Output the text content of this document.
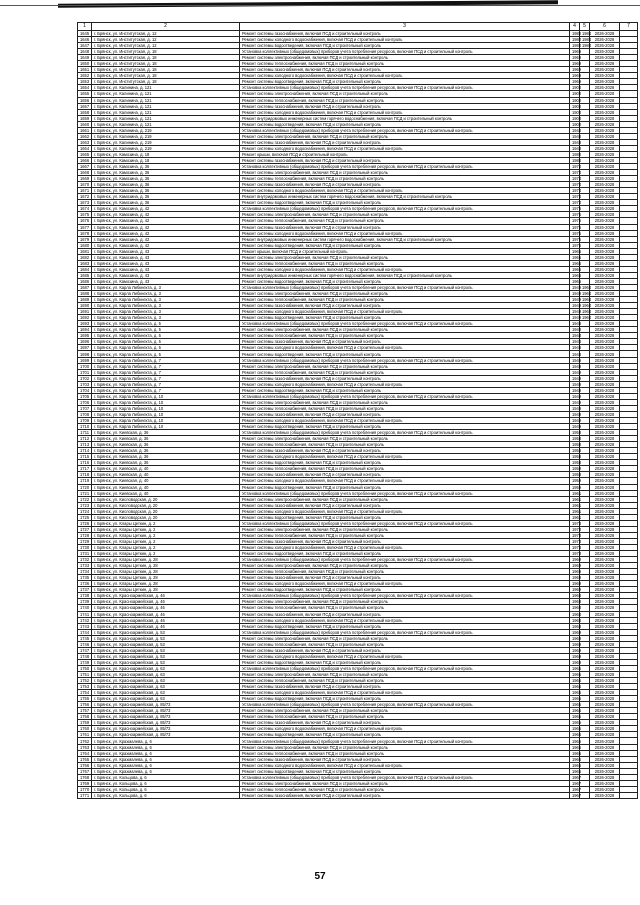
1	2	3	4	5	6	7
1645	г. Брянск, ул. Институтская, д. 12	Ремонт системы газоснабжения, включая ПСД и строительный контроль	1980	1984	2026-2028	
1646	г. Брянск, ул. Институтская, д. 12	Ремонт системы холодного водоснабжения, включая ПСД и строительный контроль	1980	1984	2026-2028	
1647	г. Брянск, ул. Институтская, д. 12	Ремонт системы водоотведения, включая ПСД и строительный контроль	1980	1984	2026-2028	
1648	г. Брянск, ул. Институтская, д. 18	Установка коллективных (общедомовых) приборов учета потребления ресурсов, включая ПСД и строительный контроль	1969		2026-2028	
1649	г. Брянск, ул. Институтская, д. 18	Ремонт системы электроснабжения, включая ПСД и строительный контроль	1969		2026-2028	
1650	г. Брянск, ул. Институтская, д. 18	Ремонт системы теплоснабжения, включая ПСД и строительный контроль	1969		2026-2028	
1651	г. Брянск, ул. Институтская, д. 18	Ремонт системы газоснабжения, включая ПСД и строительный контроль	1969		2026-2028	
1652	г. Брянск, ул. Институтская, д. 18	Ремонт системы холодного водоснабжения, включая ПСД и строительный контроль	1969		2026-2028	
1653	г. Брянск, ул. Институтская, д. 18	Ремонт системы водоотведения, включая ПСД и строительный контроль	1969		2026-2028	
1654	г. Брянск, ул. Калинина, д. 121	Установка коллективных (общедомовых) приборов учета потребления ресурсов, включая ПСД и строительный контроль	1900		2026-2028	
1655	г. Брянск, ул. Калинина, д. 121	Ремонт системы электроснабжения, включая ПСД и строительный контроль	1900		2026-2028	
1656	г. Брянск, ул. Калинина, д. 121	Ремонт системы теплоснабжения, включая ПСД и строительный контроль	1900		2026-2028	
1657	г. Брянск, ул. Калинина, д. 121	Ремонт системы газоснабжения, включая ПСД и строительный контроль	1900		2026-2028	
1658	г. Брянск, ул. Калинина, д. 121	Ремонт системы холодного водоснабжения, включая ПСД и строительный контроль	1900		2026-2028	
1659	г. Брянск, ул. Калинина, д. 121	Ремонт внутридомовых инженерных систем горячего водоснабжения, включая ПСД и строительный контроль	1900		2026-2028	
1660	г. Брянск, ул. Калинина, д. 121	Ремонт системы водоотведения, включая ПСД и строительный контроль	1900		2026-2028	
1661	г. Брянск, ул. Калинина, д. 219	Установка коллективных (общедомовых) приборов учета потребления ресурсов, включая ПСД и строительный контроль	1948		2026-2028	
1662	г. Брянск, ул. Калинина, д. 219	Ремонт системы электроснабжения, включая ПСД и строительный контроль	1948		2026-2028	
1663	г. Брянск, ул. Калинина, д. 219	Ремонт системы газоснабжения, включая ПСД и строительный контроль	1948		2026-2028	
1664	г. Брянск, ул. Калинина, д. 219	Ремонт системы холодного водоснабжения, включая ПСД и строительный контроль	1948		2026-2028	
1665	г. Брянск, ул. Камозина, д. 18	Ремонт крыши, включая ПСД и строительный контроль	1980		2026-2028	
1666	г. Брянск, ул. Камозина, д. 18	Ремонт системы газоснабжения, включая ПСД и строительный контроль	1980		2026-2028	
1667	г. Брянск, ул. Камозина, д. 36	Установка коллективных (общедомовых) приборов учета потребления ресурсов, включая ПСД и строительный контроль	1974		2026-2028	
1668	г. Брянск, ул. Камозина, д. 36	Ремонт системы электроснабжения, включая ПСД и строительный контроль	1974		2026-2028	
1669	г. Брянск, ул. Камозина, д. 36	Ремонт системы теплоснабжения, включая ПСД и строительный контроль	1974		2026-2028	
1670	г. Брянск, ул. Камозина, д. 36	Ремонт системы газоснабжения, включая ПСД и строительный контроль	1974		2026-2028	
1671	г. Брянск, ул. Камозина, д. 36	Ремонт системы холодного водоснабжения, включая ПСД и строительный контроль	1974		2026-2028	
1672	г. Брянск, ул. Камозина, д. 36	Ремонт внутридомовых инженерных систем горячего водоснабжения, включая ПСД и строительный контроль	1974		2026-2028	
1673	г. Брянск, ул. Камозина, д. 36	Ремонт системы водоотведения, включая ПСД и строительный контроль	1974		2026-2028	
1674	г. Брянск, ул. Камозина, д. 42	Установка коллективных (общедомовых) приборов учета потребления ресурсов, включая ПСД и строительный контроль	1975		2026-2028	
1675	г. Брянск, ул. Камозина, д. 42	Ремонт системы электроснабжения, включая ПСД и строительный контроль	1975		2026-2028	
1676	г. Брянск, ул. Камозина, д. 42	Ремонт системы теплоснабжения, включая ПСД и строительный контроль	1975		2026-2028	
1677	г. Брянск, ул. Камозина, д. 42	Ремонт системы газоснабжения, включая ПСД и строительный контроль	1975		2026-2028	
1678	г. Брянск, ул. Камозина, д. 42	Ремонт системы холодного водоснабжения, включая ПСД и строительный контроль	1975		2026-2028	
1679	г. Брянск, ул. Камозина, д. 42	Ремонт внутридомовых инженерных систем горячего водоснабжения, включая ПСД и строительный контроль	1975		2026-2028	
1680	г. Брянск, ул. Камозина, д. 42	Ремонт системы водоотведения, включая ПСД и строительный контроль	1975		2026-2028	
1681	г. Брянск, ул. Камозина, д. 43	Ремонт крыши, включая ПСД и строительный контроль	1966		2026-2028	
1682	г. Брянск, ул. Камозина, д. 43	Ремонт системы электроснабжения, включая ПСД и строительный контроль	1966		2026-2028	
1683	г. Брянск, ул. Камозина, д. 43	Ремонт системы теплоснабжения, включая ПСД и строительный контроль	1966		2026-2028	
1684	г. Брянск, ул. Камозина, д. 43	Ремонт системы холодного водоснабжения, включая ПСД и строительный контроль	1966		2026-2028	
1685	г. Брянск, ул. Камозина, д. 43	Ремонт внутридомовых инженерных систем горячего водоснабжения, включая ПСД и строительный контроль	1966		2026-2028	
1686	г. Брянск, ул. Камозина, д. 43	Ремонт системы водоотведения, включая ПСД и строительный контроль	1966		2026-2028	
1687	г. Брянск, ул. Карла Либкнехта, д. 3	Установка коллективных (общедомовых) приборов учета потребления ресурсов, включая ПСД и строительный контроль	1949	1964	2026-2028	
1688	г. Брянск, ул. Карла Либкнехта, д. 3	Ремонт системы электроснабжения, включая ПСД и строительный контроль	1949	1964	2026-2028	
1689	г. Брянск, ул. Карла Либкнехта, д. 3	Ремонт системы теплоснабжения, включая ПСД и строительный контроль	1949	1964	2026-2028	
1690	г. Брянск, ул. Карла Либкнехта, д. 3	Ремонт системы газоснабжения, включая ПСД и строительный контроль	1949	1964	2026-2028	
1691	г. Брянск, ул. Карла Либкнехта, д. 3	Ремонт системы холодного водоснабжения, включая ПСД и строительный контроль	1949	1964	2026-2028	
1692	г. Брянск, ул. Карла Либкнехта, д. 3	Ремонт системы водоотведения, включая ПСД и строительный контроль	1949	1964	2026-2028	
1693	г. Брянск, ул. Карла Либкнехта, д. 5	Установка коллективных (общедомовых) приборов учета потребления ресурсов, включая ПСД и строительный контроль	1948		2026-2028	
1694	г. Брянск, ул. Карла Либкнехта, д. 5	Ремонт системы электроснабжения, включая ПСД и строительный контроль	1948		2026-2028	
1695	г. Брянск, ул. Карла Либкнехта, д. 5	Ремонт системы теплоснабжения, включая ПСД и строительный контроль	1948		2026-2028	
1696	г. Брянск, ул. Карла Либкнехта, д. 5	Ремонт системы газоснабжения, включая ПСД и строительный контроль	1948		2026-2028	
1697	г. Брянск, ул. Карла Либкнехта, д. 5	Ремонт системы холодного водоснабжения, включая ПСД и строительный контроль	1948		2026-2028	
1698	г. Брянск, ул. Карла Либкнехта, д. 5	Ремонт системы водоотведения, включая ПСД и строительный контроль	1948		2026-2028	
1699	г. Брянск, ул. Карла Либкнехта, д. 7	Установка коллективных (общедомовых) приборов учета потребления ресурсов, включая ПСД и строительный контроль	1949		2026-2028	
1700	г. Брянск, ул. Карла Либкнехта, д. 7	Ремонт системы электроснабжения, включая ПСД и строительный контроль	1949		2026-2028	
1701	г. Брянск, ул. Карла Либкнехта, д. 7	Ремонт системы теплоснабжения, включая ПСД и строительный контроль	1949		2026-2028	
1702	г. Брянск, ул. Карла Либкнехта, д. 7	Ремонт системы газоснабжения, включая ПСД и строительный контроль	1949		2026-2028	
1703	г. Брянск, ул. Карла Либкнехта, д. 7	Ремонт системы холодного водоснабжения, включая ПСД и строительный контроль	1949		2026-2028	
1704	г. Брянск, ул. Карла Либкнехта, д. 7	Ремонт системы водоотведения, включая ПСД и строительный контроль	1949		2026-2028	
1705	г. Брянск, ул. Карла Либкнехта, д. 10	Установка коллективных (общедомовых) приборов учета потребления ресурсов, включая ПСД и строительный контроль	1949		2026-2028	
1706	г. Брянск, ул. Карла Либкнехта, д. 10	Ремонт системы электроснабжения, включая ПСД и строительный контроль	1949		2026-2028	
1707	г. Брянск, ул. Карла Либкнехта, д. 10	Ремонт системы теплоснабжения, включая ПСД и строительный контроль	1949		2026-2028	
1708	г. Брянск, ул. Карла Либкнехта, д. 10	Ремонт системы газоснабжения, включая ПСД и строительный контроль	1949		2026-2028	
1709	г. Брянск, ул. Карла Либкнехта, д. 10	Ремонт системы холодного водоснабжения, включая ПСД и строительный контроль	1949		2026-2028	
1710	г. Брянск, ул. Карла Либкнехта, д. 10	Ремонт системы водоотведения, включая ПСД и строительный контроль	1949		2026-2028	
1711	г. Брянск, ул. Киевская, д. 36	Установка коллективных (общедомовых) приборов учета потребления ресурсов, включая ПСД и строительный контроль	1958		2026-2028	
1712	г. Брянск, ул. Киевская, д. 36	Ремонт системы электроснабжения, включая ПСД и строительный контроль	1958		2026-2028	
1713	г. Брянск, ул. Киевская, д. 36	Ремонт системы теплоснабжения, включая ПСД и строительный контроль	1958		2026-2028	
1714	г. Брянск, ул. Киевская, д. 36	Ремонт системы газоснабжения, включая ПСД и строительный контроль	1958		2026-2028	
1715	г. Брянск, ул. Киевская, д. 36	Ремонт системы холодного водоснабжения, включая ПСД и строительный контроль	1958		2026-2028	
1716	г. Брянск, ул. Киевская, д. 36	Ремонт системы водоотведения, включая ПСД и строительный контроль	1958		2026-2028	
1717	г. Брянск, ул. Киевская, д. 40	Ремонт системы теплоснабжения, включая ПСД и строительный контроль	1959		2026-2028	
1718	г. Брянск, ул. Киевская, д. 40	Ремонт системы газоснабжения, включая ПСД и строительный контроль	1959		2026-2028	
1719	г. Брянск, ул. Киевская, д. 40	Ремонт системы холодного водоснабжения, включая ПСД и строительный контроль	1959		2026-2028	
1720	г. Брянск, ул. Киевская, д. 40	Ремонт системы водоотведения, включая ПСД и строительный контроль	1959		2026-2028	
1721	г. Брянск, ул. Киевская, д. 40	Установка коллективных (общедомовых) приборов учета потребления ресурсов, включая ПСД и строительный контроль	1961		2026-2028	
1722	г. Брянск, ул. Кисловодская, д. 20	Ремонт системы электроснабжения, включая ПСД и строительный контроль	1961		2026-2028	
1723	г. Брянск, ул. Кисловодская, д. 20	Ремонт системы газоснабжения, включая ПСД и строительный контроль	1961		2026-2028	
1724	г. Брянск, ул. Кисловодская, д. 20	Ремонт системы холодного водоснабжения, включая ПСД и строительный контроль	1961		2026-2028	
1725	г. Брянск, ул. Кисловодская, д. 20	Ремонт системы водоотведения, включая ПСД и строительный контроль	1961		2026-2028	
1726	г. Брянск, ул. Клары Цеткин, д. 2	Установка коллективных (общедомовых) приборов учета потребления ресурсов, включая ПСД и строительный контроль	1973		2026-2028	
1727	г. Брянск, ул. Клары Цеткин, д. 2	Ремонт системы электроснабжения, включая ПСД и строительный контроль	1973		2026-2028	
1728	г. Брянск, ул. Клары Цеткин, д. 2	Ремонт системы теплоснабжения, включая ПСД и строительный контроль	1973		2026-2028	
1729	г. Брянск, ул. Клары Цеткин, д. 2	Ремонт системы газоснабжения, включая ПСД и строительный контроль	1973		2026-2028	
1730	г. Брянск, ул. Клары Цеткин, д. 2	Ремонт системы холодного водоснабжения, включая ПСД и строительный контроль	1973		2026-2028	
1731	г. Брянск, ул. Клары Цеткин, д. 2	Ремонт системы водоотведения, включая ПСД и строительный контроль	1973		2026-2028	
1732	г. Брянск, ул. Клары Цеткин, д. 28	Установка коллективных (общедомовых) приборов учета потребления ресурсов, включая ПСД и строительный контроль	1969		2026-2028	
1733	г. Брянск, ул. Клары Цеткин, д. 28	Ремонт системы электроснабжения, включая ПСД и строительный контроль	1969		2026-2028	
1734	г. Брянск, ул. Клары Цеткин, д. 28	Ремонт системы теплоснабжения, включая ПСД и строительный контроль	1969		2026-2028	
1735	г. Брянск, ул. Клары Цеткин, д. 28	Ремонт системы газоснабжения, включая ПСД и строительный контроль	1969		2026-2028	
1736	г. Брянск, ул. Клары Цеткин, д. 28	Ремонт системы холодного водоснабжения, включая ПСД и строительный контроль	1969		2026-2028	
1737	г. Брянск, ул. Клары Цеткин, д. 28	Ремонт системы водоотведения, включая ПСД и строительный контроль	1969		2026-2028	
1738	г. Брянск, ул. Красноармейская, д. 46	Установка коллективных (общедомовых) приборов учета потребления ресурсов, включая ПСД и строительный контроль	1968		2026-2028	
1739	г. Брянск, ул. Красноармейская, д. 46	Ремонт системы электроснабжения, включая ПСД и строительный контроль	1968		2026-2028	
1740	г. Брянск, ул. Красноармейская, д. 46	Ремонт системы теплоснабжения, включая ПСД и строительный контроль	1968		2026-2028	
1741	г. Брянск, ул. Красноармейская, д. 46	Ремонт системы газоснабжения, включая ПСД и строительный контроль	1968		2026-2028	
1742	г. Брянск, ул. Красноармейская, д. 46	Ремонт системы холодного водоснабжения, включая ПСД и строительный контроль	1968		2026-2028	
1743	г. Брянск, ул. Красноармейская, д. 46	Ремонт системы водоотведения, включая ПСД и строительный контроль	1968		2026-2028	
1744	г. Брянск, ул. Красноармейская, д. 53	Установка коллективных (общедомовых) приборов учета потребления ресурсов, включая ПСД и строительный контроль	1969		2026-2028	
1745	г. Брянск, ул. Красноармейская, д. 53	Ремонт системы электроснабжения, включая ПСД и строительный контроль	1969		2026-2028	
1746	г. Брянск, ул. Красноармейская, д. 53	Ремонт системы теплоснабжения, включая ПСД и строительный контроль	1969		2026-2028	
1747	г. Брянск, ул. Красноармейская, д. 53	Ремонт системы газоснабжения, включая ПСД и строительный контроль	1969		2026-2028	
1748	г. Брянск, ул. Красноармейская, д. 53	Ремонт системы холодного водоснабжения, включая ПСД и строительный контроль	1969		2026-2028	
1749	г. Брянск, ул. Красноармейская, д. 53	Ремонт системы водоотведения, включая ПСД и строительный контроль	1969		2026-2028	
1750	г. Брянск, ул. Красноармейская, д. 63	Установка коллективных (общедомовых) приборов учета потребления ресурсов, включая ПСД и строительный контроль	1966		2026-2028	
1751	г. Брянск, ул. Красноармейская, д. 63	Ремонт системы электроснабжения, включая ПСД и строительный контроль	1966		2026-2028	
1752	г. Брянск, ул. Красноармейская, д. 63	Ремонт системы теплоснабжения, включая ПСД и строительный контроль	1966		2026-2028	
1753	г. Брянск, ул. Красноармейская, д. 63	Ремонт системы газоснабжения, включая ПСД и строительный контроль	1966		2026-2028	
1754	г. Брянск, ул. Красноармейская, д. 63	Ремонт системы холодного водоснабжения, включая ПСД и строительный контроль	1966		2026-2028	
1755	г. Брянск, ул. Красноармейская, д. 63	Ремонт системы водоотведения, включая ПСД и строительный контроль	1966		2026-2028	
1756	г. Брянск, ул. Красноармейская, д. 85/73	Установка коллективных (общедомовых) приборов учета потребления ресурсов, включая ПСД и строительный контроль	1965		2026-2028	
1757	г. Брянск, ул. Красноармейская, д. 85/73	Ремонт системы электроснабжения, включая ПСД и строительный контроль	1965		2026-2028	
1758	г. Брянск, ул. Красноармейская, д. 85/73	Ремонт системы теплоснабжения, включая ПСД и строительный контроль	1965		2026-2028	
1759	г. Брянск, ул. Красноармейская, д. 85/73	Ремонт системы газоснабжения, включая ПСД и строительный контроль	1965		2026-2028	
1760	г. Брянск, ул. Красноармейская, д. 85/73	Ремонт системы холодного водоснабжения, включая ПСД и строительный контроль	1965		2026-2028	
1761	г. Брянск, ул. Красноармейская, д. 85/73	Ремонт системы водоотведения, включая ПСД и строительный контроль	1965		2026-2028	
1762	г. Брянск, ул. Крахмалева, д. 6	Установка коллективных (общедомовых) приборов учета потребления ресурсов, включая ПСД и строительный контроль	1966		2026-2028	
1763	г. Брянск, ул. Крахмалева, д. 6	Ремонт системы электроснабжения, включая ПСД и строительный контроль	1966		2026-2028	
1764	г. Брянск, ул. Крахмалева, д. 6	Ремонт системы теплоснабжения, включая ПСД и строительный контроль	1966		2026-2028	
1765	г. Брянск, ул. Крахмалева, д. 6	Ремонт системы газоснабжения, включая ПСД и строительный контроль	1966		2026-2028	
1766	г. Брянск, ул. Крахмалева, д. 6	Ремонт системы холодного водоснабжения, включая ПСД и строительный контроль	1966		2026-2028	
1767	г. Брянск, ул. Крахмалева, д. 6	Ремонт системы водоотведения, включая ПСД и строительный контроль	1966		2026-2028	
1768	г. Брянск, ул. Кольцова, д. 6	Установка коллективных (общедомовых) приборов учета потребления ресурсов, включая ПСД и строительный контроль	1967		2026-2028	
1769	г. Брянск, ул. Кольцова, д. 6	Ремонт системы электроснабжения, включая ПСД и строительный контроль	1967		2026-2028	
1770	г. Брянск, ул. Кольцова, д. 6	Ремонт системы теплоснабжения, включая ПСД и строительный контроль	1967		2026-2028	
1771	г. Брянск, ул. Кольцова, д. 6	Ремонт системы газоснабжения, включая ПСД и строительный контроль	1967		2026-2028	
57
